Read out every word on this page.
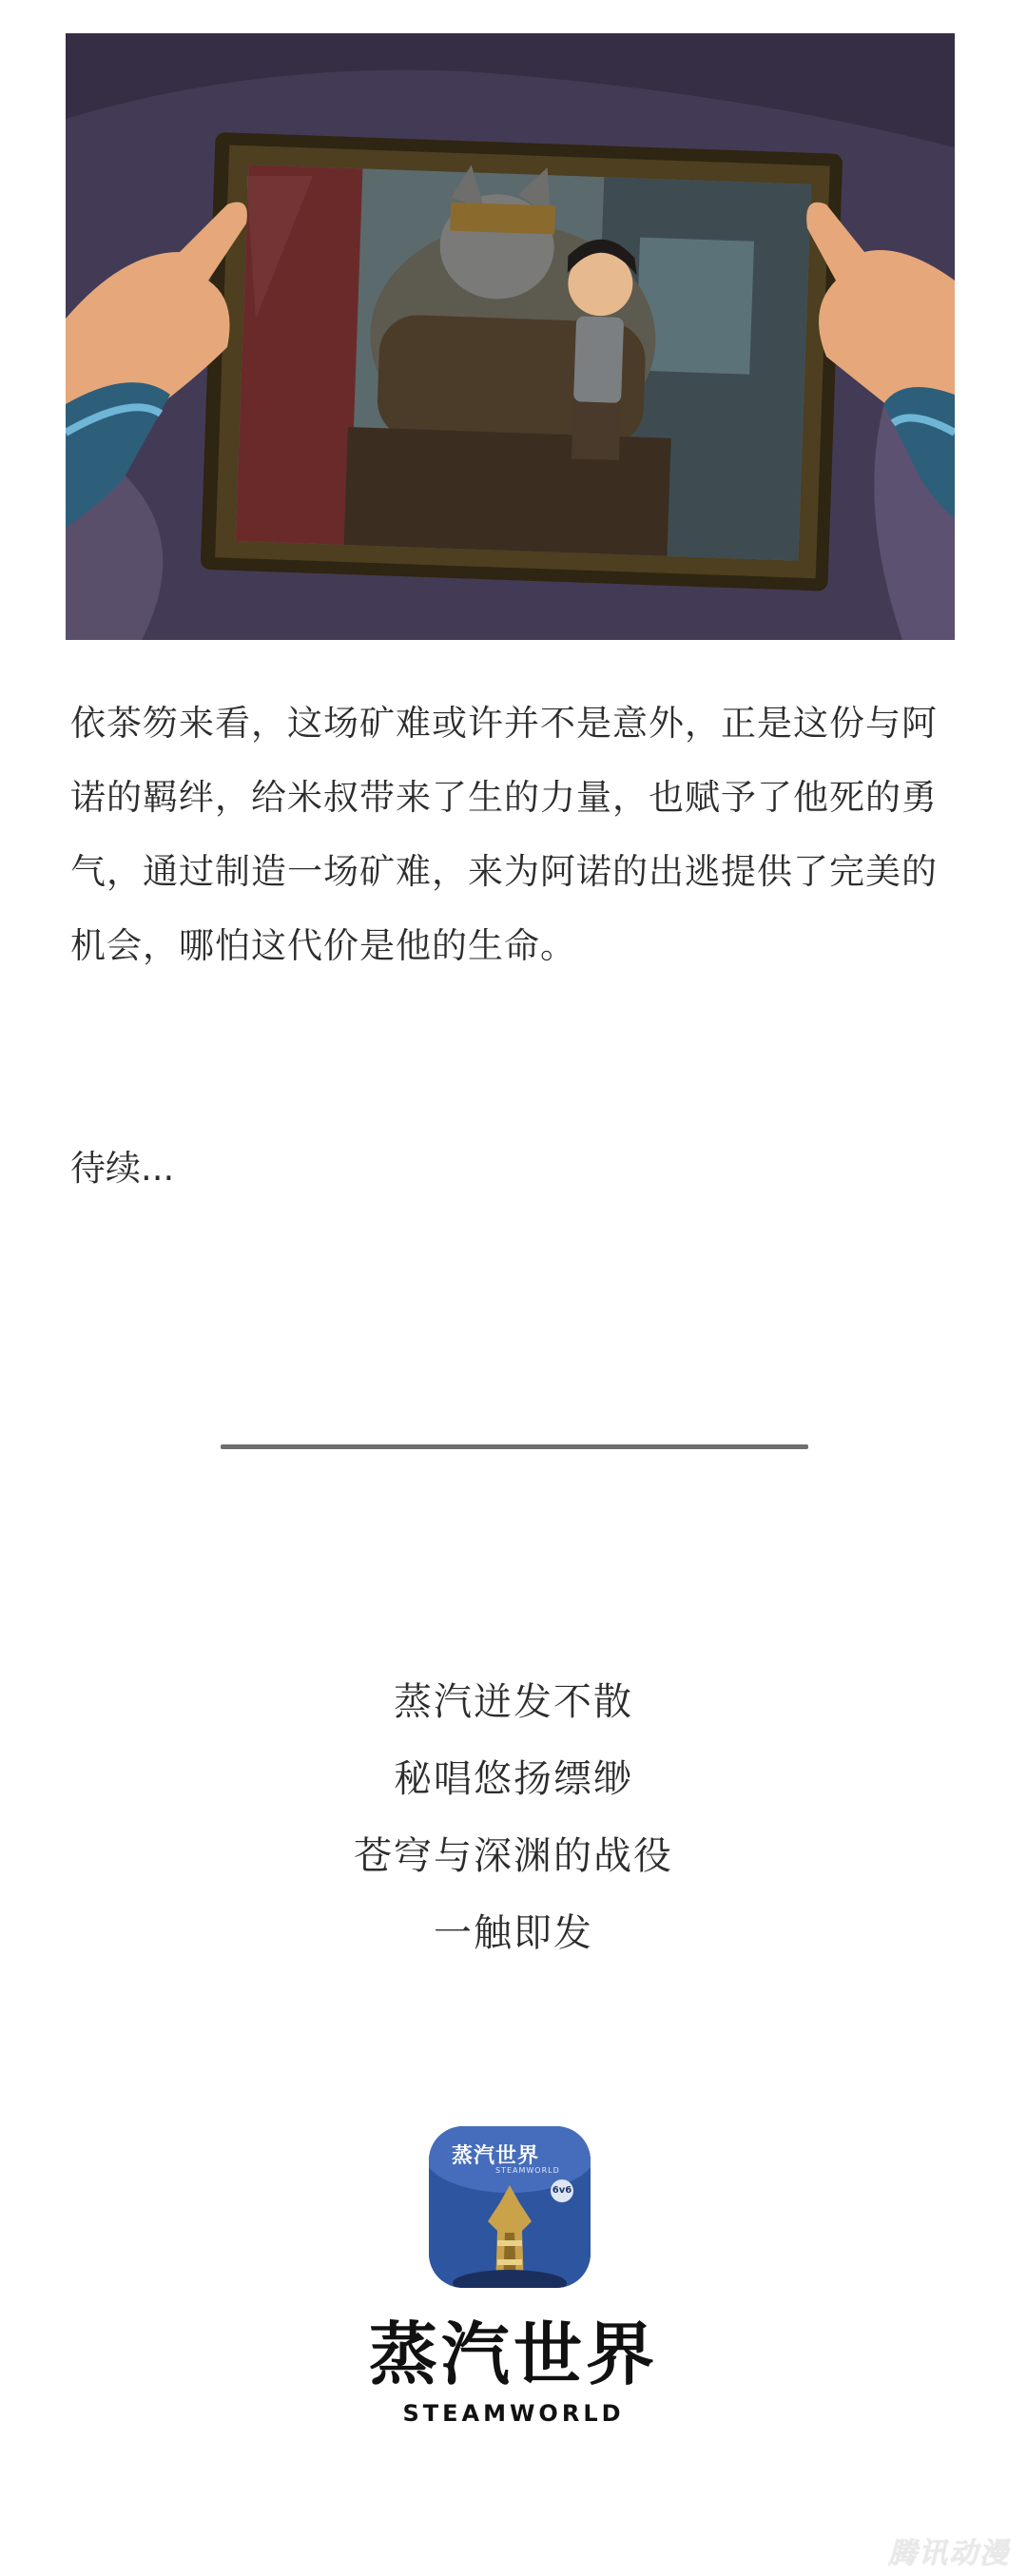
依茶笏来看，这场矿难或许并不是意外，正是这份与阿诺的羁绊，给米叔带来了生的力量，也赋予了他死的勇气，通过制造一场矿难，来为阿诺的出逃提供了完美的机会，哪怕这代价是他的生命。

待续...

蒸汽迸发不散
秘唱悠扬缥缈
苍穹与深渊的战役
一触即发
蒸汽世界
STEAMWORLD
6v6
蒸汽世界
STEAMWORLD
腾讯动漫
